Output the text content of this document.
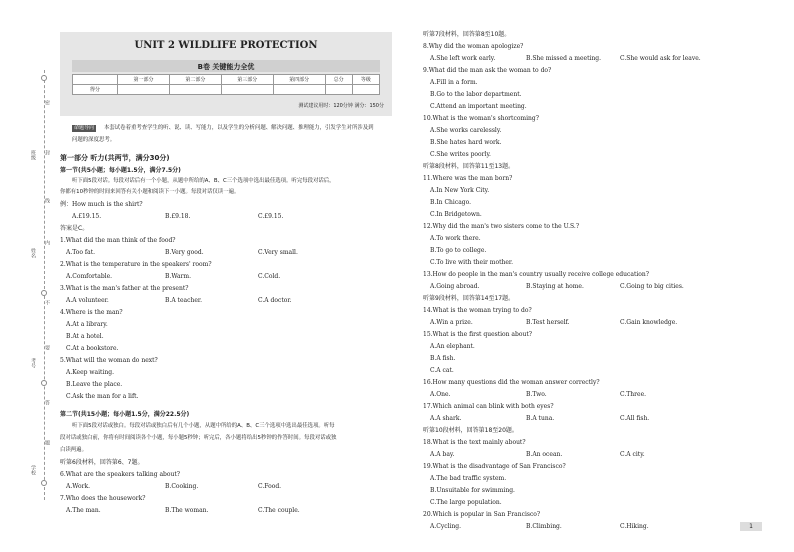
班级
姓名
考号
学校
密
封
线
内
不
要
答
题
UNIT 2 WILDLIFE PROTECTION
B卷 关键能力全优
	第一部分	第二部分	第三部分	第四部分	总分	等级
得分						
测试建议用时：120分钟 满分：150分
命题导向	本套试卷着重考查学生的听、说、读、写能力，以及学生的分析问题、解决问题、推理能力，引发学生对所涉及到
问题的深度思考。
第一部分 听力(共两节，满分30分)
第一节(共5小题；每小题1.5分，满分7.5分)
听下面5段对话。每段对话后有一个小题，从题中所给的A、B、C三个选项中选出最佳选项。听完每段对话后，
你都有10秒钟的时间来回答有关小题和阅读下一小题。每段对话仅读一遍。
例：How much is the shirt?
A.£19.15.	B.£9.18.	C.£9.15.
答案是C。
1.What did the man think of the food?
A.Too fat.	B.Very good.	C.Very small.
2.What is the temperature in the speakers' room?
A.Comfortable.	B.Warm.	C.Cold.
3.What is the man's father at the present?
A.A volunteer.	B.A teacher.	C.A doctor.
4.Where is the man?
A.At a library.
B.At a hotel.
C.At a bookstore.
5.What will the woman do next?
A.Keep waiting.
B.Leave the place.
C.Ask the man for a lift.
第二节(共15小题；每小题1.5分，满分22.5分)
听下面5段对话或独白。每段对话或独白后有几个小题，从题中所给的A、B、C三个选项中选出最佳选项。听每
段对话或独白前，你将有时间阅读各个小题，每小题5秒钟；听完后，各小题将给出5秒钟的作答时间。每段对话或独
白读两遍。
听第6段材料，回答第6、7题。
6.What are the speakers talking about?
A.Work.	B.Cooking.	C.Food.
7.Who does the housework?
A.The man.	B.The woman.	C.The couple.
听第7段材料，回答第8至10题。
8.Why did the woman apologize?
A.She left work early.	B.She missed a meeting.	C.She would ask for leave.
9.What did the man ask the woman to do?
A.Fill in a form.
B.Go to the labor department.
C.Attend an important meeting.
10.What is the woman's shortcoming?
A.She works carelessly.
B.She hates hard work.
C.She writes poorly.
听第8段材料，回答第11至13题。
11.Where was the man born?
A.In New York City.
B.In Chicago.
C.In Bridgetown.
12.Why did the man's two sisters come to the U.S.?
A.To work there.
B.To go to college.
C.To live with their mother.
13.How do people in the man's country usually receive college education?
A.Going abroad.	B.Staying at home.	C.Going to big cities.
听第9段材料，回答第14至17题。
14.What is the woman trying to do?
A.Win a prize.	B.Test herself.	C.Gain knowledge.
15.What is the first question about?
A.An elephant.
B.A fish.
C.A cat.
16.How many questions did the woman answer correctly?
A.One.	B.Two.	C.Three.
17.Which animal can blink with both eyes?
A.A shark.	B.A tuna.	C.All fish.
听第10段材料，回答第18至20题。
18.What is the text mainly about?
A.A bay.	B.An ocean.	C.A city.
19.What is the disadvantage of San Francisco?
A.The bad traffic system.
B.Unsuitable for swimming.
C.The large population.
20.Which is popular in San Francisco?
A.Cycling.	B.Climbing.	C.Hiking.	1
